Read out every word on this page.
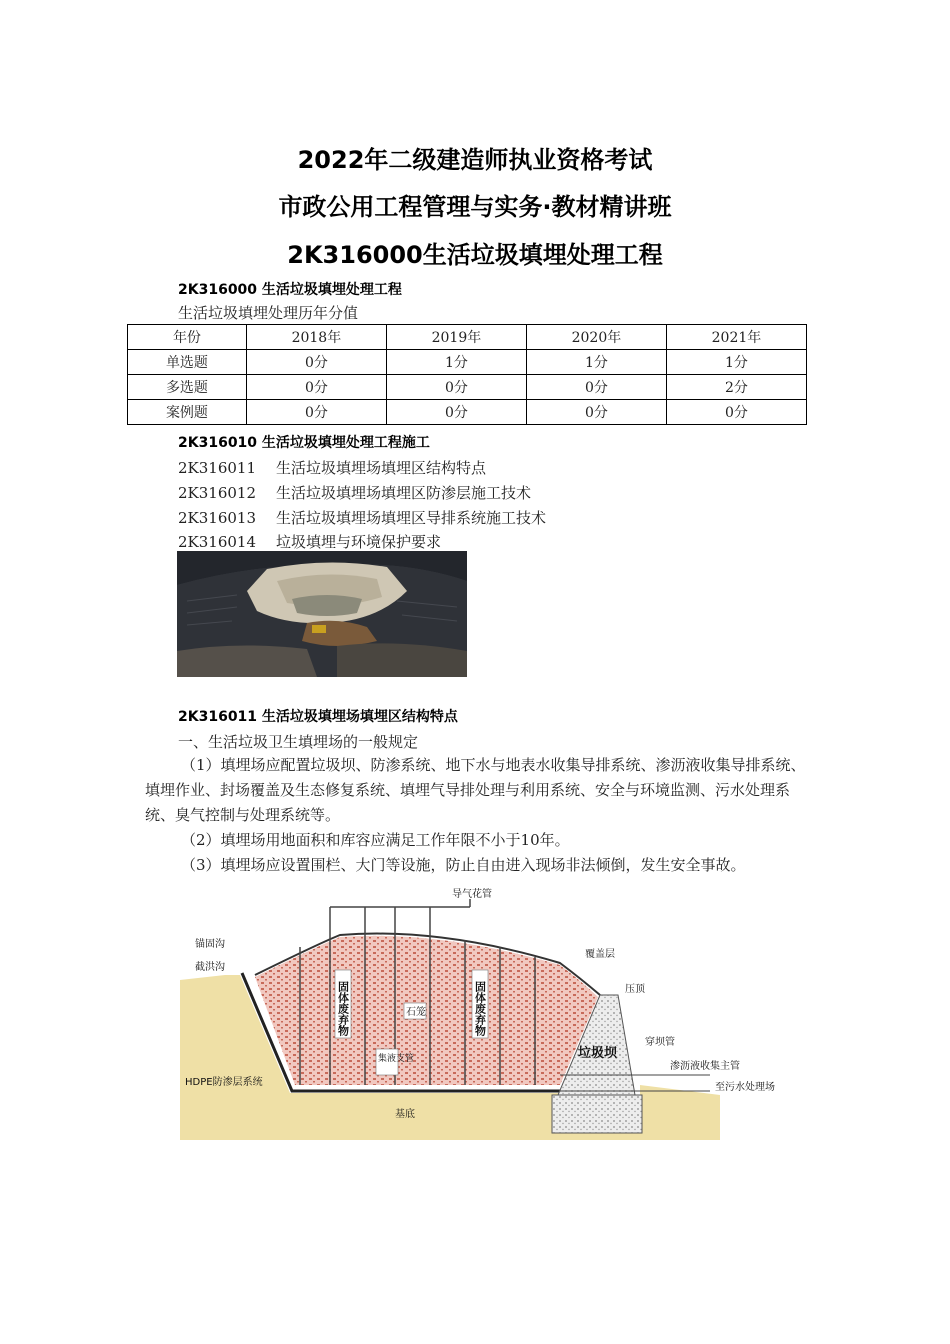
2022年二级建造师执业资格考试
市政公用工程管理与实务·教材精讲班
2K316000生活垃圾填埋处理工程
2K316000 生活垃圾填埋处理工程
生活垃圾填埋处理历年分值
年份	2018年	2019年	2020年	2021年
单选题	0分	1分	1分	1分
多选题	0分	0分	0分	2分
案例题	0分	0分	0分	0分
2K316010 生活垃圾填埋处理工程施工
2K316011 生活垃圾填埋场填埋区结构特点
2K316012 生活垃圾填埋场填埋区防渗层施工技术
2K316013 生活垃圾填埋场填埋区导排系统施工技术
2K316014 垃圾填埋与环境保护要求
2K316011 生活垃圾填埋场填埋区结构特点
一、生活垃圾卫生填埋场的一般规定
（1）填埋场应配置垃圾坝、防渗系统、地下水与地表水收集导排系统、渗沥液收集导排系统、填埋作业、封场覆盖及生态修复系统、填埋气导排处理与利用系统、安全与环境监测、污水处理系统、臭气控制与处理系统等。
（2）填埋场用地面积和库容应满足工作年限不小于10年。
（3）填埋场应设置围栏、大门等设施，防止自由进入现场非法倾倒，发生安全事故。
导气花管
锚固沟
截洪沟
覆盖层
压顶
固体废弃物	固体废弃物
石笼
集液支管	垃圾坝
穿坝管
HDPE防渗层系统
渗沥液收集主管
至污水处理场
基底
